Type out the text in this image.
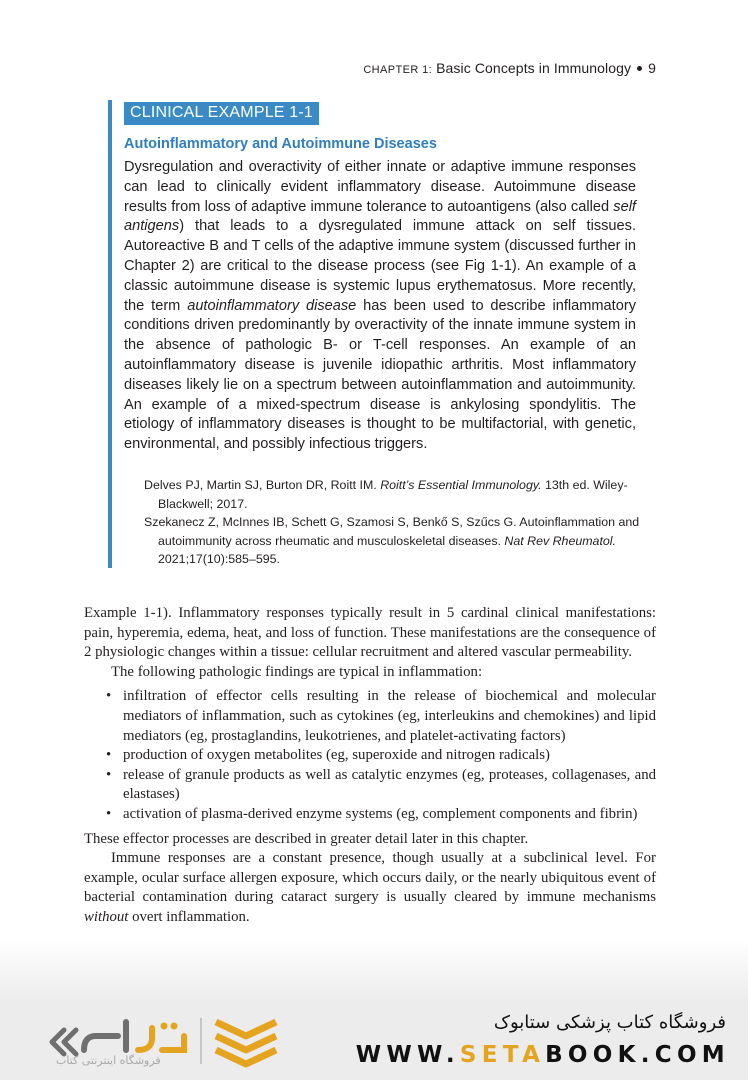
CHAPTER 1: Basic Concepts in Immunology 9
CLINICAL EXAMPLE 1-1
Autoinflammatory and Autoimmune Diseases
Dysregulation and overactivity of either innate or adaptive immune responses can lead to clinically evident inflammatory disease. Autoimmune disease results from loss of adaptive immune tolerance to autoantigens (also called self antigens) that leads to a dysregulated immune attack on self tissues. Autoreactive B and T cells of the adaptive immune system (discussed further in Chapter 2) are critical to the disease process (see Fig 1-1). An example of a classic autoimmune disease is systemic lupus erythematosus. More recently, the term autoinflammatory disease has been used to describe inflammatory conditions driven predominantly by overactivity of the innate immune system in the absence of pathologic B- or T-cell responses. An example of an autoinflammatory disease is juvenile idiopathic arthritis. Most inflammatory diseases likely lie on a spectrum between autoinflammation and autoimmunity. An example of a mixed-spectrum disease is ankylosing spondylitis. The etiology of inflammatory diseases is thought to be multifactorial, with genetic, environmental, and possibly infectious triggers.
Delves PJ, Martin SJ, Burton DR, Roitt IM. Roitt’s Essential Immunology. 13th ed. Wiley-Blackwell; 2017.
Szekanecz Z, McInnes IB, Schett G, Szamosi S, Benkő S, Szűcs G. Autoinflammation and autoimmunity across rheumatic and musculoskeletal diseases. Nat Rev Rheumatol. 2021;17(10):585–595.

Example 1-1). Inflammatory responses typically result in 5 cardinal clinical manifestations: pain, hyperemia, edema, heat, and loss of function. These manifestations are the consequence of 2 physiologic changes within a tissue: cellular recruitment and altered vascular permeability.

The following pathologic findings are typical in inflammation:

• infiltration of effector cells resulting in the release of biochemical and molecular mediators of inflammation, such as cytokines (eg, interleukins and chemokines) and lipid mediators (eg, prostaglandins, leukotrienes, and platelet-activating factors)
• production of oxygen metabolites (eg, superoxide and nitrogen radicals)
• release of granule products as well as catalytic enzymes (eg, proteases, collagenases, and elastases)
• activation of plasma-derived enzyme systems (eg, complement components and fibrin)

These effector processes are described in greater detail later in this chapter.

Immune responses are a constant presence, though usually at a subclinical level. For example, ocular surface allergen exposure, which occurs daily, or the nearly ubiquitous event of bacterial contamination during cataract surgery is usually cleared by immune mechanisms without overt inflammation.

فروشگاه اینترنتی کتاب
فروشگاه کتاب پزشکی ستابوک
WWW.SETABOOK.COM
